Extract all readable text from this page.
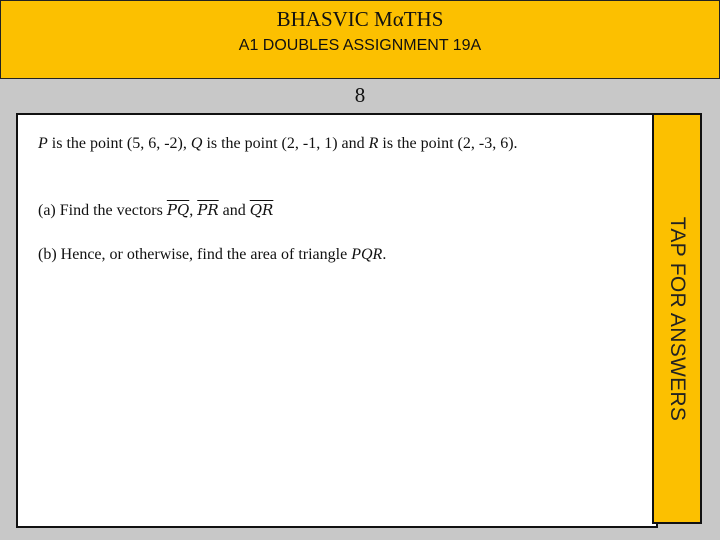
BHASVIC MαTHS
A1 DOUBLES ASSIGNMENT 19A
8
P is the point (5, 6, -2), Q is the point (2, -1, 1) and R is the point (2, -3, 6).
(a) Find the vectors $\overline{PQ}$, $\overline{PR}$ and $\overline{QR}$
(b) Hence, or otherwise, find the area of triangle PQR.	TAP FOR ANSWERS
